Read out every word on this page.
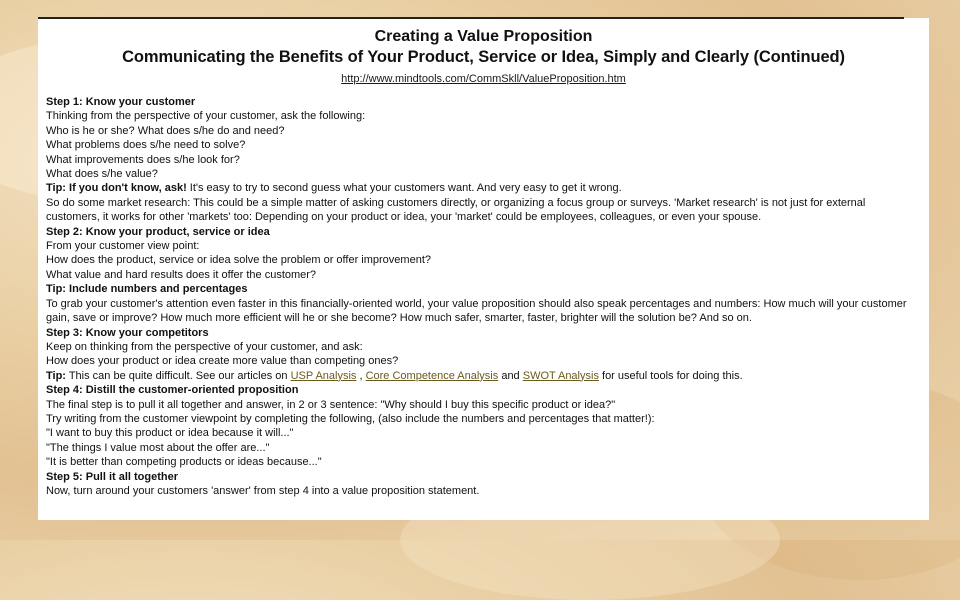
Creating a Value Proposition
Communicating the Benefits of Your Product, Service or Idea, Simply and Clearly (Continued)
http://www.mindtools.com/CommSkll/ValueProposition.htm

Step 1: Know your customer

Thinking from the perspective of your customer, ask the following:

Who is he or she? What does s/he do and need?

What problems does s/he need to solve?

What improvements does s/he look for?

What does s/he value?

Tip: If you don't know, ask! It's easy to try to second guess what your customers want. And very easy to get it wrong.

So do some market research: This could be a simple matter of asking customers directly, or organizing a focus group or surveys. 'Market research' is not just for external customers, it works for other 'markets' too: Depending on your product or idea, your 'market' could be employees, colleagues, or even your spouse.

Step 2: Know your product, service or idea

From your customer view point:

How does the product, service or idea solve the problem or offer improvement?

What value and hard results does it offer the customer?

Tip: Include numbers and percentages

To grab your customer's attention even faster in this financially-oriented world, your value proposition should also speak percentages and numbers: How much will your customer gain, save or improve? How much more efficient will he or she become? How much safer, smarter, faster, brighter will the solution be? And so on.

Step 3: Know your competitors

Keep on thinking from the perspective of your customer, and ask:

How does your product or idea create more value than competing ones?

Tip: This can be quite difficult. See our articles on USP Analysis , Core Competence Analysis and SWOT Analysis for useful tools for doing this.

Step 4: Distill the customer-oriented proposition

The final step is to pull it all together and answer, in 2 or 3 sentence: "Why should I buy this specific product or idea?"

Try writing from the customer viewpoint by completing the following, (also include the numbers and percentages that matter!):

"I want to buy this product or idea because it will..."

"The things I value most about the offer are..."

"It is better than competing products or ideas because..."

Step 5: Pull it all together

Now, turn around your customers 'answer' from step 4 into a value proposition statement.
